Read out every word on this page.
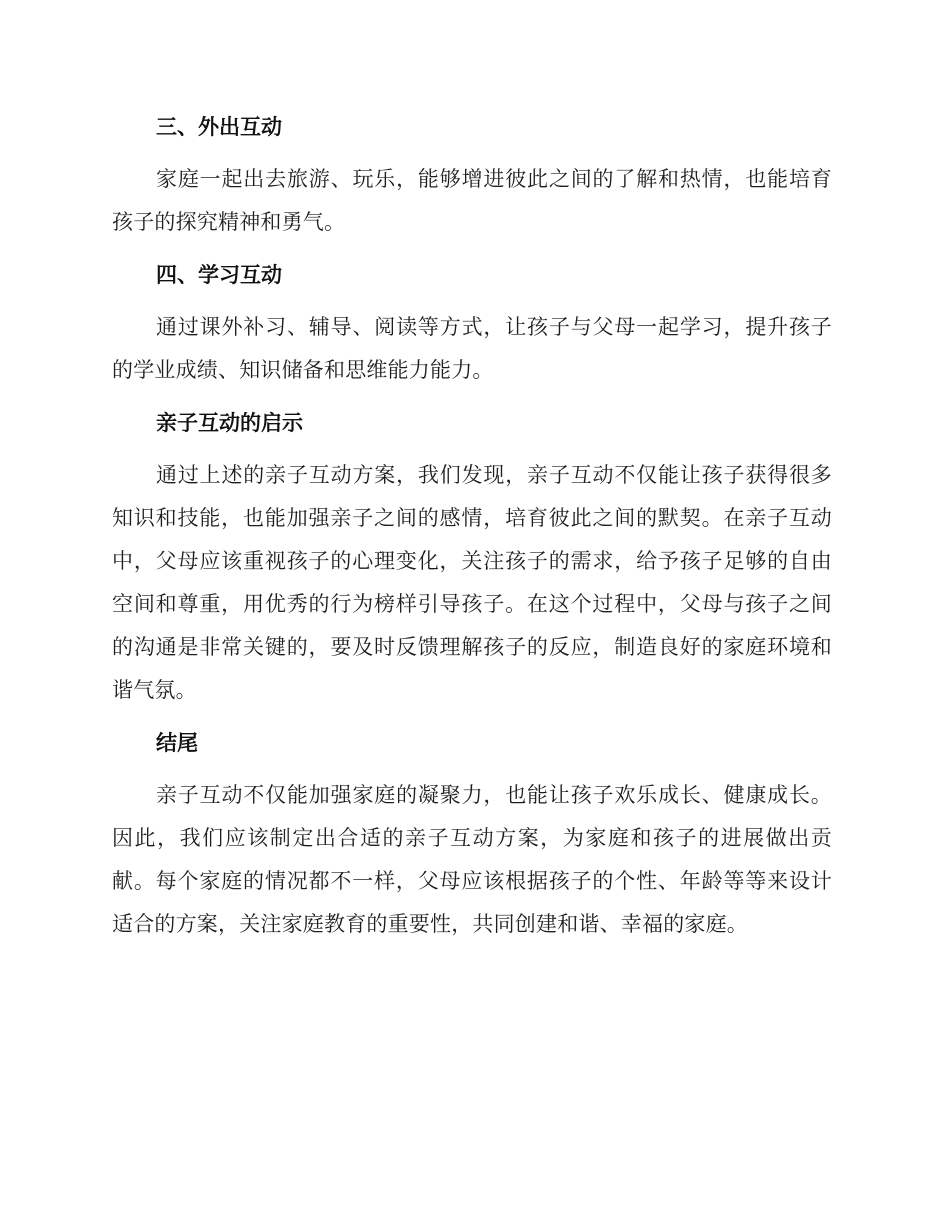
三、外出互动

家庭一起出去旅游、玩乐，能够增进彼此之间的了解和热情，也能培育孩子的探究精神和勇气。

四、学习互动

通过课外补习、辅导、阅读等方式，让孩子与父母一起学习，提升孩子的学业成绩、知识储备和思维能力能力。

亲子互动的启示

通过上述的亲子互动方案，我们发现，亲子互动不仅能让孩子获得很多知识和技能，也能加强亲子之间的感情，培育彼此之间的默契。在亲子互动中，父母应该重视孩子的心理变化，关注孩子的需求，给予孩子足够的自由空间和尊重，用优秀的行为榜样引导孩子。在这个过程中，父母与孩子之间的沟通是非常关键的，要及时反馈理解孩子的反应，制造良好的家庭环境和谐气氛。

结尾

亲子互动不仅能加强家庭的凝聚力，也能让孩子欢乐成长、健康成长。因此，我们应该制定出合适的亲子互动方案，为家庭和孩子的进展做出贡献。每个家庭的情况都不一样，父母应该根据孩子的个性、年龄等等来设计适合的方案，关注家庭教育的重要性，共同创建和谐、幸福的家庭。
